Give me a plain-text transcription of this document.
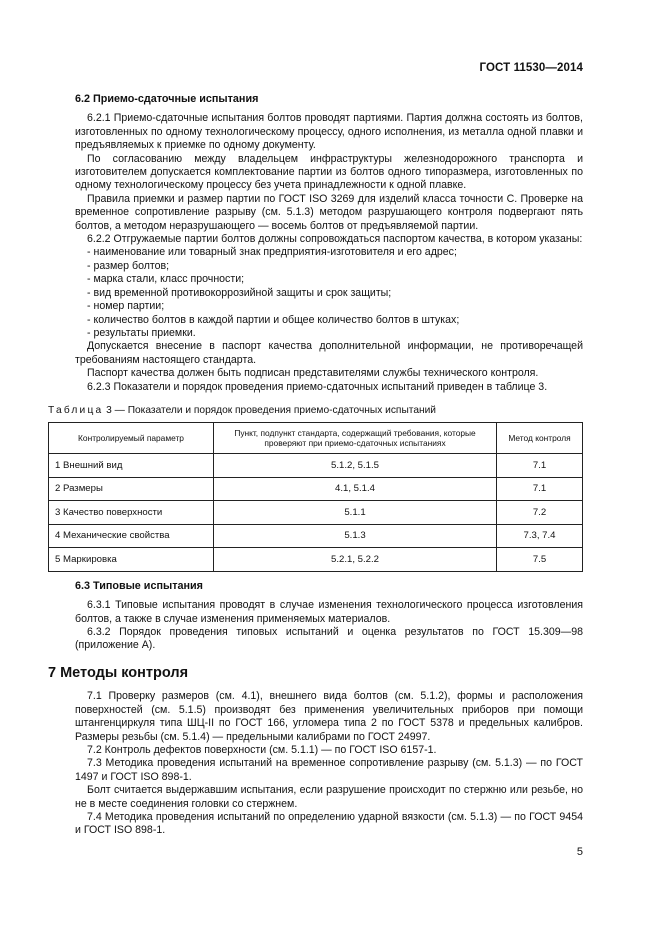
ГОСТ 11530—2014
6.2 Приемо-сдаточные испытания

6.2.1 Приемо-сдаточные испытания болтов проводят партиями. Партия должна состоять из болтов, изготовленных по одному технологическому процессу, одного исполнения, из металла одной плавки и предъявляемых к приемке по одному документу.

По согласованию между владельцем инфраструктуры железнодорожного транспорта и изготовителем допускается комплектование партии из болтов одного типоразмера, изготовленных по одному технологическому процессу без учета принадлежности к одной плавке.

Правила приемки и размер партии по ГОСТ ISO 3269 для изделий класса точности С. Проверке на временное сопротивление разрыву (см. 5.1.3) методом разрушающего контроля подвергают пять болтов, а методом неразрушающего — восемь болтов от предъявляемой партии.

6.2.2 Отгружаемые партии болтов должны сопровождаться паспортом качества, в котором указаны:

- наименование или товарный знак предприятия-изготовителя и его адрес;
- размер болтов;
- марка стали, класс прочности;
- вид временной противокоррозийной защиты и срок защиты;
- номер партии;
- количество болтов в каждой партии и общее количество болтов в штуках;
- результаты приемки.

Допускается внесение в паспорт качества дополнительной информации, не противоречащей требованиям настоящего стандарта.

Паспорт качества должен быть подписан представителями службы технического контроля.

6.2.3 Показатели и порядок проведения приемо-сдаточных испытаний приведен в таблице 3.

Таблица 3 — Показатели и порядок проведения приемо-сдаточных испытаний
Контролируемый параметр	Пункт, подпункт стандарта, содержащий требования, которые проверяют при приемо-сдаточных испытаниях	Метод контроля
1 Внешний вид	5.1.2, 5.1.5	7.1
2 Размеры	4.1, 5.1.4	7.1
3 Качество поверхности	5.1.1	7.2
4 Механические свойства	5.1.3	7.3, 7.4
5 Маркировка	5.2.1, 5.2.2	7.5
6.3 Типовые испытания

6.3.1 Типовые испытания проводят в случае изменения технологического процесса изготовления болтов, а также в случае изменения применяемых материалов.

6.3.2 Порядок проведения типовых испытаний и оценка результатов по ГОСТ 15.309—98 (приложение А).

7 Методы контроля

7.1 Проверку размеров (см. 4.1), внешнего вида болтов (см. 5.1.2), формы и расположения поверхностей (см. 5.1.5) производят без применения увеличительных приборов при помощи штангенциркуля типа ШЦ-II по ГОСТ 166, угломера типа 2 по ГОСТ 5378 и предельных калибров. Размеры резьбы (см. 5.1.4) — предельными калибрами по ГОСТ 24997.

7.2 Контроль дефектов поверхности (см. 5.1.1) — по ГОСТ ISO 6157-1.

7.3 Методика проведения испытаний на временное сопротивление разрыву (см. 5.1.3) — по ГОСТ 1497 и ГОСТ ISO 898-1.

Болт считается выдержавшим испытания, если разрушение происходит по стержню или резьбе, но не в месте соединения головки со стержнем.

7.4 Методика проведения испытаний по определению ударной вязкости (см. 5.1.3) — по ГОСТ 9454 и ГОСТ ISO 898-1.

5
